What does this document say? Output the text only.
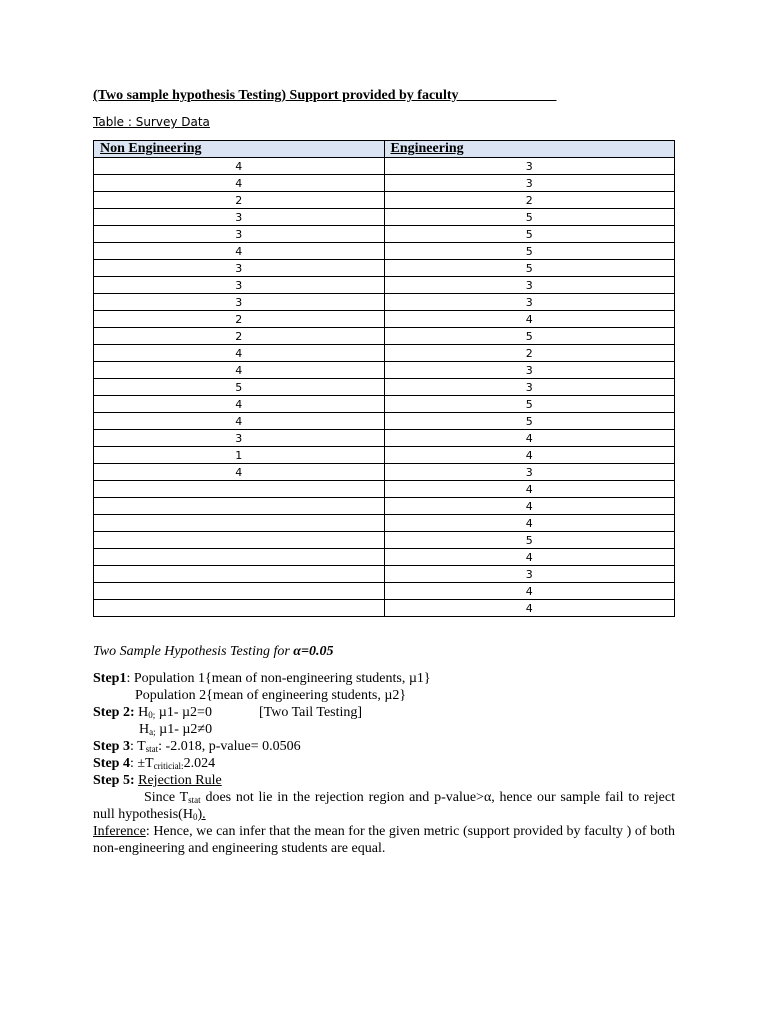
(Two sample hypothesis Testing) Support provided by faculty
Table : Survey Data
Non Engineering	Engineering
4	3
4	3
2	2
3	5
3	5
4	5
3	5
3	3
3	3
2	4
2	5
4	2
4	3
5	3
4	5
4	5
3	4
1	4
4	3
	4
	4
	4
	5
	4
	3
	4
	4
Two Sample Hypothesis Testing for α=0.05

Step1: Population 1{mean of non-engineering students, µ1}

Population 2{mean of engineering students, µ2}

Step 2: $H_{0;}$ µ1- µ2=0	[Two Tail Testing]

$H_{a;}$ µ1- µ2≠0

Step 3: $T_{stat}$: -2.018, p-value= 0.0506

Step 4: $\pm T_{criticial:}2.024$

Step 5: Rejection Rule

Since $T_{stat}$ does not lie in the rejection region and p-value>α, hence our sample fail to reject null $hypothesis(H_0)$.

Inference: Hence, we can infer that the mean for the given metric (support provided by faculty ) of both non-engineering and engineering students are equal.
